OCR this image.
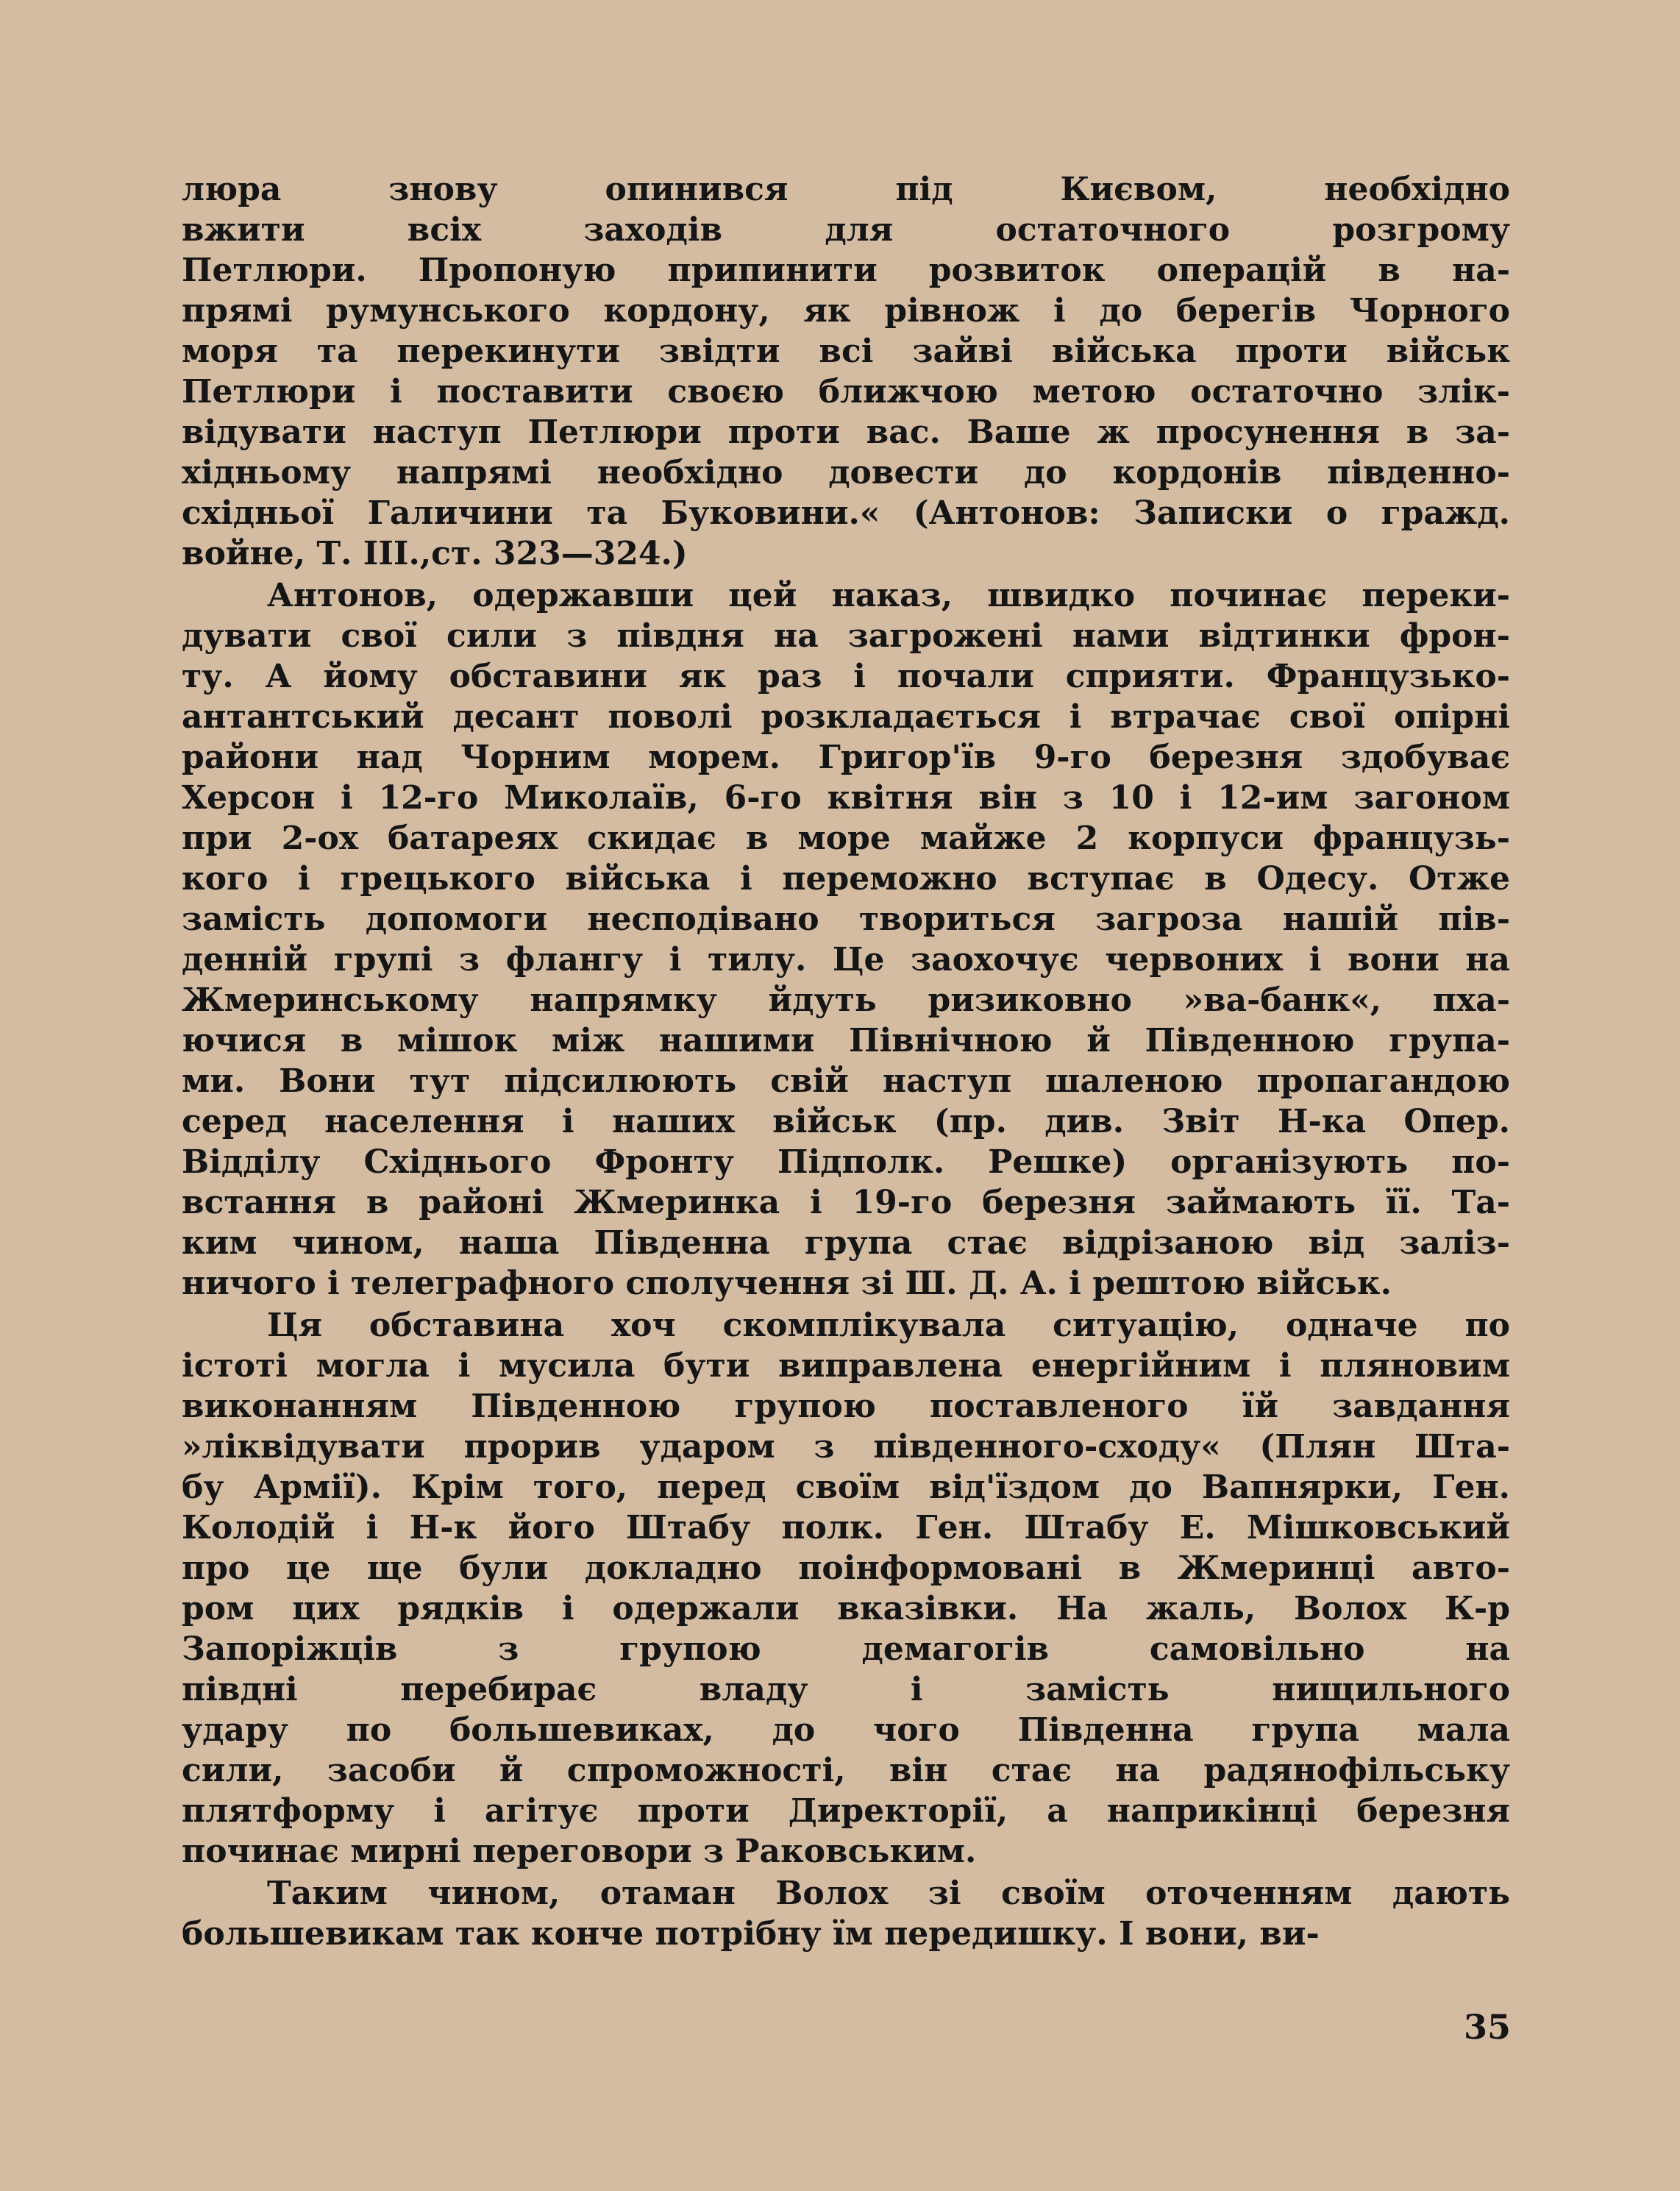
люра знову опинився під Києвом, необхідно
вжити всіх заходів для остаточного розгрому
Петлюри. Пропоную припинити розвиток операцій в на-
прямі румунського кордону, як рівнож і до берегів Чорного
моря та перекинути звідти всі зайві війська проти військ
Петлюри і поставити своєю ближчою метою остаточно злік-
відувати наступ Петлюри проти вас. Ваше ж просунення в за-
хідньому напрямі необхідно довести до кордонів південно-
східньої Галичини та Буковини.« (Антонов: Записки о гражд.
войне, Т. III.,ст. 323—324.)
Антонов, одержавши цей наказ, швидко починає переки-
дувати свої сили з півдня на загрожені нами відтинки фрон-
ту. А йому обставини як раз і почали сприяти. Французько-
антантський десант поволі розкладається і втрачає свої опірні
райони над Чорним морем. Григор'їв 9-го березня здобуває
Херсон і 12-го Миколаїв, 6-го квітня він з 10 і 12-им загоном
при 2-ох батареях скидає в море майже 2 корпуси французь-
кого і грецького війська і переможно вступає в Одесу. Отже
замість допомоги несподівано твориться загроза нашій пів-
денній групі з флангу і тилу. Це заохочує червоних і вони на
Жмеринському напрямку йдуть ризиковно »ва-банк«, пха-
ючися в мішок між нашими Північною й Південною група-
ми. Вони тут підсилюють свій наступ шаленою пропагандою
серед населення і наших військ (пр. див. Звіт Н-ка Опер.
Відділу Східнього Фронту Підполк. Решке) організують по-
встання в районі Жмеринка і 19-го березня займають її. Та-
ким чином, наша Південна група стає відрізаною від заліз-
ничого і телеграфного сполучення зі Ш. Д. А. і рештою військ.
Ця обставина хоч скомплікувала ситуацію, одначе по
істоті могла і мусила бути виправлена енергійним і пляновим
виконанням Південною групою поставленого їй завдання
»ліквідувати прорив ударом з південного-сходу« (Плян Шта-
бу Армії). Крім того, перед своїм від'їздом до Вапнярки, Ген.
Колодій і Н-к його Штабу полк. Ген. Штабу Е. Мішковський
про це ще були докладно поінформовані в Жмеринці авто-
ром цих рядків і одержали вказівки. На жаль, Волох К-р
Запоріжців з групою демагогів самовільно на
півдні перебирає владу і замість нищильного
удару по большевиках, до чого Південна група мала
сили, засоби й спроможності, він стає на радянофільську
плятформу і агітує проти Директорії, а наприкінці березня
починає мирні переговори з Раковським.
Таким чином, отаман Волох зі своїм оточенням дають
большевикам так конче потрібну їм передишку. І вони, ви-
35
